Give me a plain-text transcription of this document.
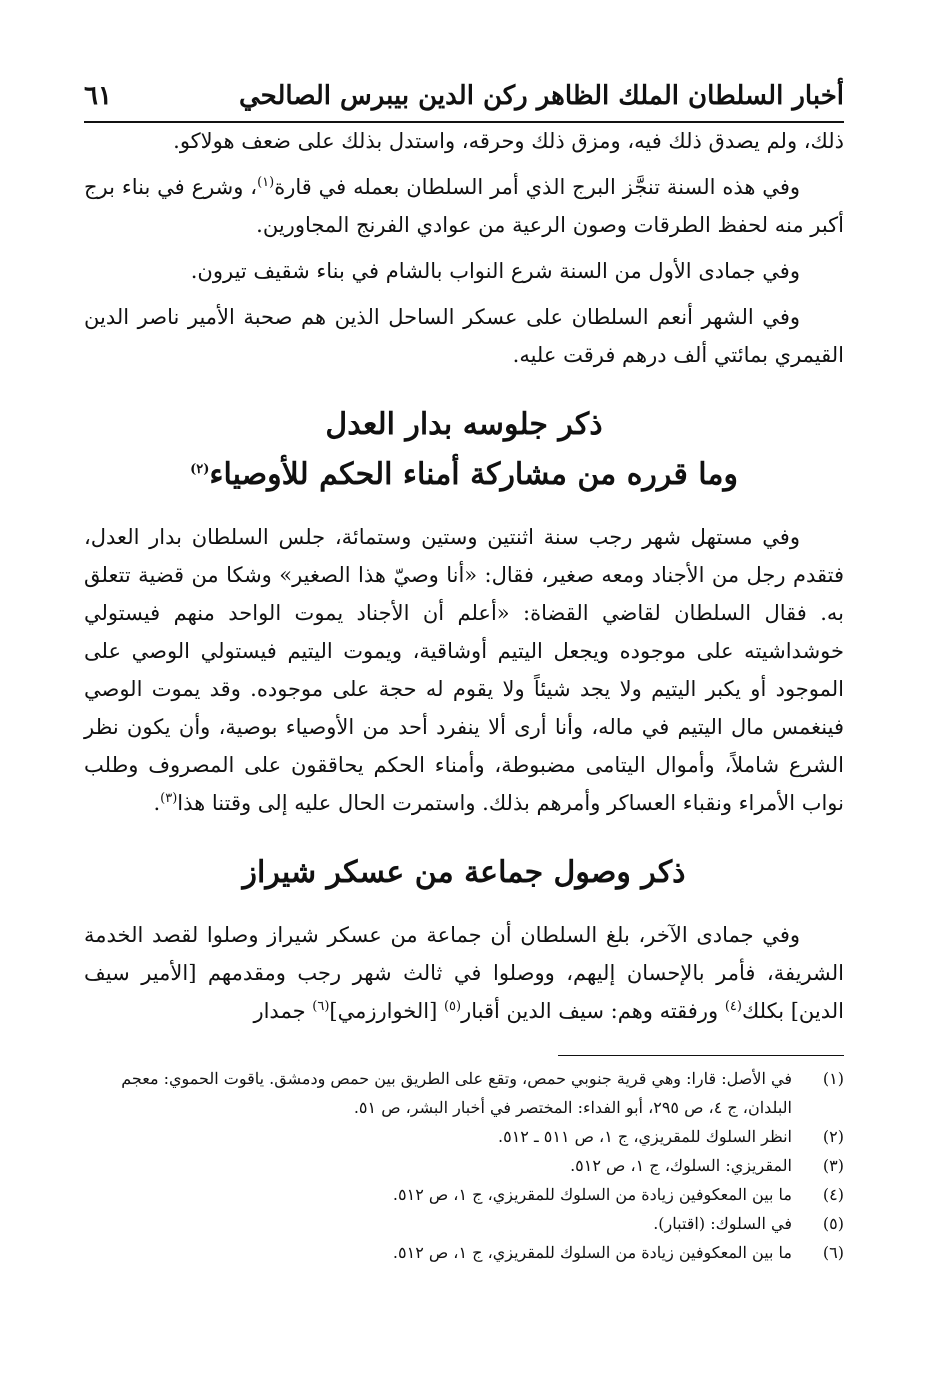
أخبار السلطان الملك الظاهر ركن الدين بيبرس الصالحي
٦١

ذلك، ولم يصدق ذلك فيه، ومزق ذلك وحرقه، واستدل بذلك على ضعف هولاكو.

وفي هذه السنة تنجَّز البرج الذي أمر السلطان بعمله في قارة$^{(١)}$، وشرع في بناء برج أكبر منه لحفظ الطرقات وصون الرعية من عوادي الفرنج المجاورين.

وفي جمادى الأول من السنة شرع النواب بالشام في بناء شقيف تيرون.

وفي الشهر أنعم السلطان على عسكر الساحل الذين هم صحبة الأمير ناصر الدين القيمري بمائتي ألف درهم فرقت عليه.

ذكر جلوسه بدار العدل
وما قرره من مشاركة أمناء الحكم للأوصياء$^{(٢)}$

وفي مستهل شهر رجب سنة اثنتين وستين وستمائة، جلس السلطان بدار العدل، فتقدم رجل من الأجناد ومعه صغير، فقال: «أنا وصيّ هذا الصغير» وشكا من قضية تتعلق به. فقال السلطان لقاضي القضاة: «أعلم أن الأجناد يموت الواحد منهم فيستولي خوشداشيته على موجوده ويجعل اليتيم أوشاقية، ويموت اليتيم فيستولي الوصي على الموجود أو يكبر اليتيم ولا يجد شيئاً ولا يقوم له حجة على موجوده. وقد يموت الوصي فينغمس مال اليتيم في ماله، وأنا أرى ألا ينفرد أحد من الأوصياء بوصية، وأن يكون نظر الشرع شاملاً، وأموال اليتامى مضبوطة، وأمناء الحكم يحاققون على المصروف وطلب نواب الأمراء ونقباء العساكر وأمرهم بذلك. واستمرت الحال عليه إلى وقتنا هذا$^{(٣)}$.

ذكر وصول جماعة من عسكر شيراز

وفي جمادى الآخر، بلغ السلطان أن جماعة من عسكر شيراز وصلوا لقصد الخدمة الشريفة، فأمر بالإحسان إليهم، ووصلوا في ثالث شهر رجب ومقدمهم [الأمير سيف الدين] بكلك$^{(٤)}$ ورفقته وهم: سيف الدين أقبار$^{(٥)}$ [الخوارزمي]$^{(٦)}$ جمدار

(١)
في الأصل: قارا: وهي قرية جنوبي حمص، وتقع على الطريق بين حمص ودمشق. ياقوت الحموي: معجم البلدان، ج ٤، ص ٢٩٥، أبو الفداء: المختصر في أخبار البشر، ص ٥١.
(٢)
انظر السلوك للمقريزي، ج ١، ص ٥١١ ـ ٥١٢.
(٣)
المقريزي: السلوك، ج ١، ص ٥١٢.
(٤)
ما بين المعكوفين زيادة من السلوك للمقريزي، ج ١، ص ٥١٢.
(٥)
في السلوك: (اقتبار).
(٦)
ما بين المعكوفين زيادة من السلوك للمقريزي، ج ١، ص ٥١٢.
